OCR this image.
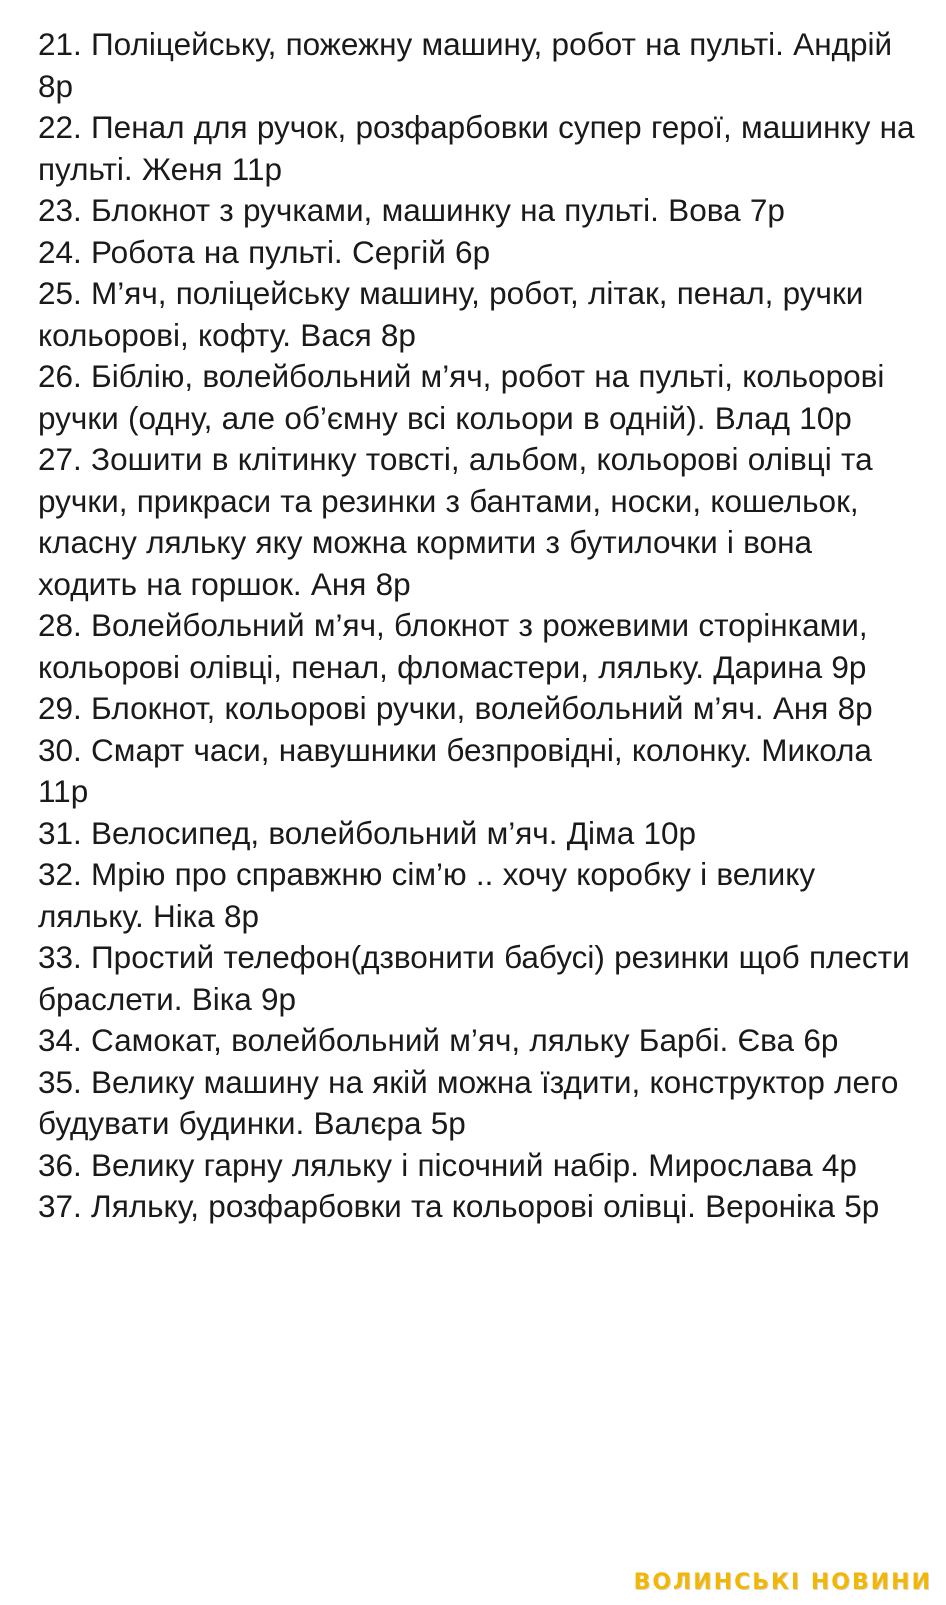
21. Поліцейську, пожежну машину, робот на пульті. Андрій 8р
22. Пенал для ручок, розфарбовки супер герої, машинку на пульті. Женя 11р
23. Блокнот з ручками, машинку на пульті. Вова 7р
24. Робота на пульті. Сергій 6р
25. М’яч, поліцейську машину, робот, літак, пенал, ручки кольорові, кофту. Вася 8р
26. Біблію, волейбольний м’яч, робот на пульті, кольорові ручки (одну, але об’ємну всі кольори в одній). Влад 10р
27. Зошити в клітинку товсті, альбом, кольорові олівці та ручки, прикраси та резинки з бантами, носки, кошельок, класну ляльку яку можна кормити з бутилочки і вона ходить на горшок. Аня 8р
28. Волейбольний м’яч, блокнот з рожевими сторінками, кольорові олівці, пенал, фломастери, ляльку. Дарина 9р
29. Блокнот, кольорові ручки, волейбольний м’яч. Аня 8р
30. Смарт часи, навушники безпровідні, колонку. Микола 11р
31. Велосипед, волейбольний м’яч. Діма 10р
32. Мрію про справжню сім’ю .. хочу коробку і велику ляльку. Ніка 8р
33. Простий телефон(дзвонити бабусі) резинки щоб плести браслети. Віка 9р
34. Самокат, волейбольний м’яч, ляльку Барбі. Єва 6р
35. Велику машину на якій можна їздити, конструктор лего будувати будинки. Валєра 5р
36. Велику гарну ляльку і пісочний набір. Мирослава 4р
37. Ляльку, розфарбовки та кольорові олівці. Вероніка 5р
ВОЛИНСЬКІ НОВИНИ
